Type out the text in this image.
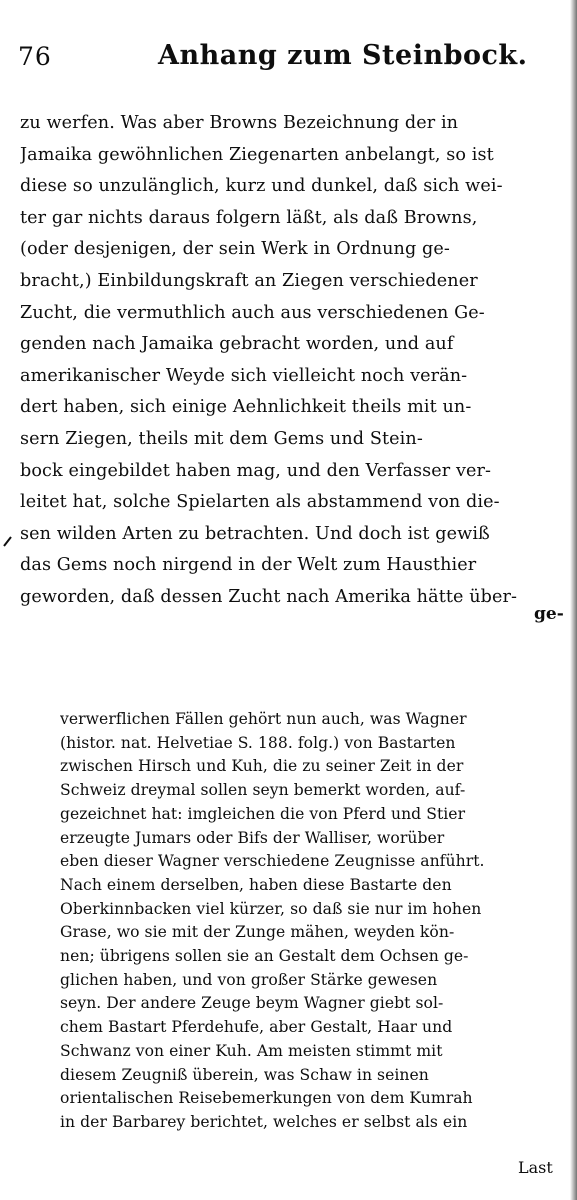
76	Anhang zum Steinbock.
zu werfen. Was aber Browns Bezeichnung der in
Jamaika gewöhnlichen Ziegenarten anbelangt, so ist
diese so unzulänglich, kurz und dunkel, daß sich wei-
ter gar nichts daraus folgern läßt, als daß Browns,
(oder desjenigen, der sein Werk in Ordnung ge-
bracht,) Einbildungskraft an Ziegen verschiedener
Zucht, die vermuthlich auch aus verschiedenen Ge-
genden nach Jamaika gebracht worden, und auf
amerikanischer Weyde sich vielleicht noch verän-
dert haben, sich einige Aehnlichkeit theils mit un-
sern Ziegen, theils mit dem Gems und Stein-
bock eingebildet haben mag, und den Verfasser ver-
leitet hat, solche Spielarten als abstammend von die-
sen wilden Arten zu betrachten. Und doch ist gewiß
das Gems noch nirgend in der Welt zum Hausthier
geworden, daß dessen Zucht nach Amerika hätte über-
ge-
verwerflichen Fällen gehört nun auch, was Wagner
(histor. nat. Helvetiae S. 188. folg.) von Bastarten
zwischen Hirsch und Kuh, die zu seiner Zeit in der
Schweiz dreymal sollen seyn bemerkt worden, auf-
gezeichnet hat: imgleichen die von Pferd und Stier
erzeugte Jumars oder Bifs der Walliser, worüber
eben dieser Wagner verschiedene Zeugnisse anführt.
Nach einem derselben, haben diese Bastarte den
Oberkinnbacken viel kürzer, so daß sie nur im hohen
Grase, wo sie mit der Zunge mähen, weyden kön-
nen; übrigens sollen sie an Gestalt dem Ochsen ge-
glichen haben, und von großer Stärke gewesen
seyn. Der andere Zeuge beym Wagner giebt sol-
chem Bastart Pferdehufe, aber Gestalt, Haar und
Schwanz von einer Kuh. Am meisten stimmt mit
diesem Zeugniß überein, was Schaw in seinen
orientalischen Reisebemerkungen von dem Kumrah
in der Barbarey berichtet, welches er selbst als ein
Last
